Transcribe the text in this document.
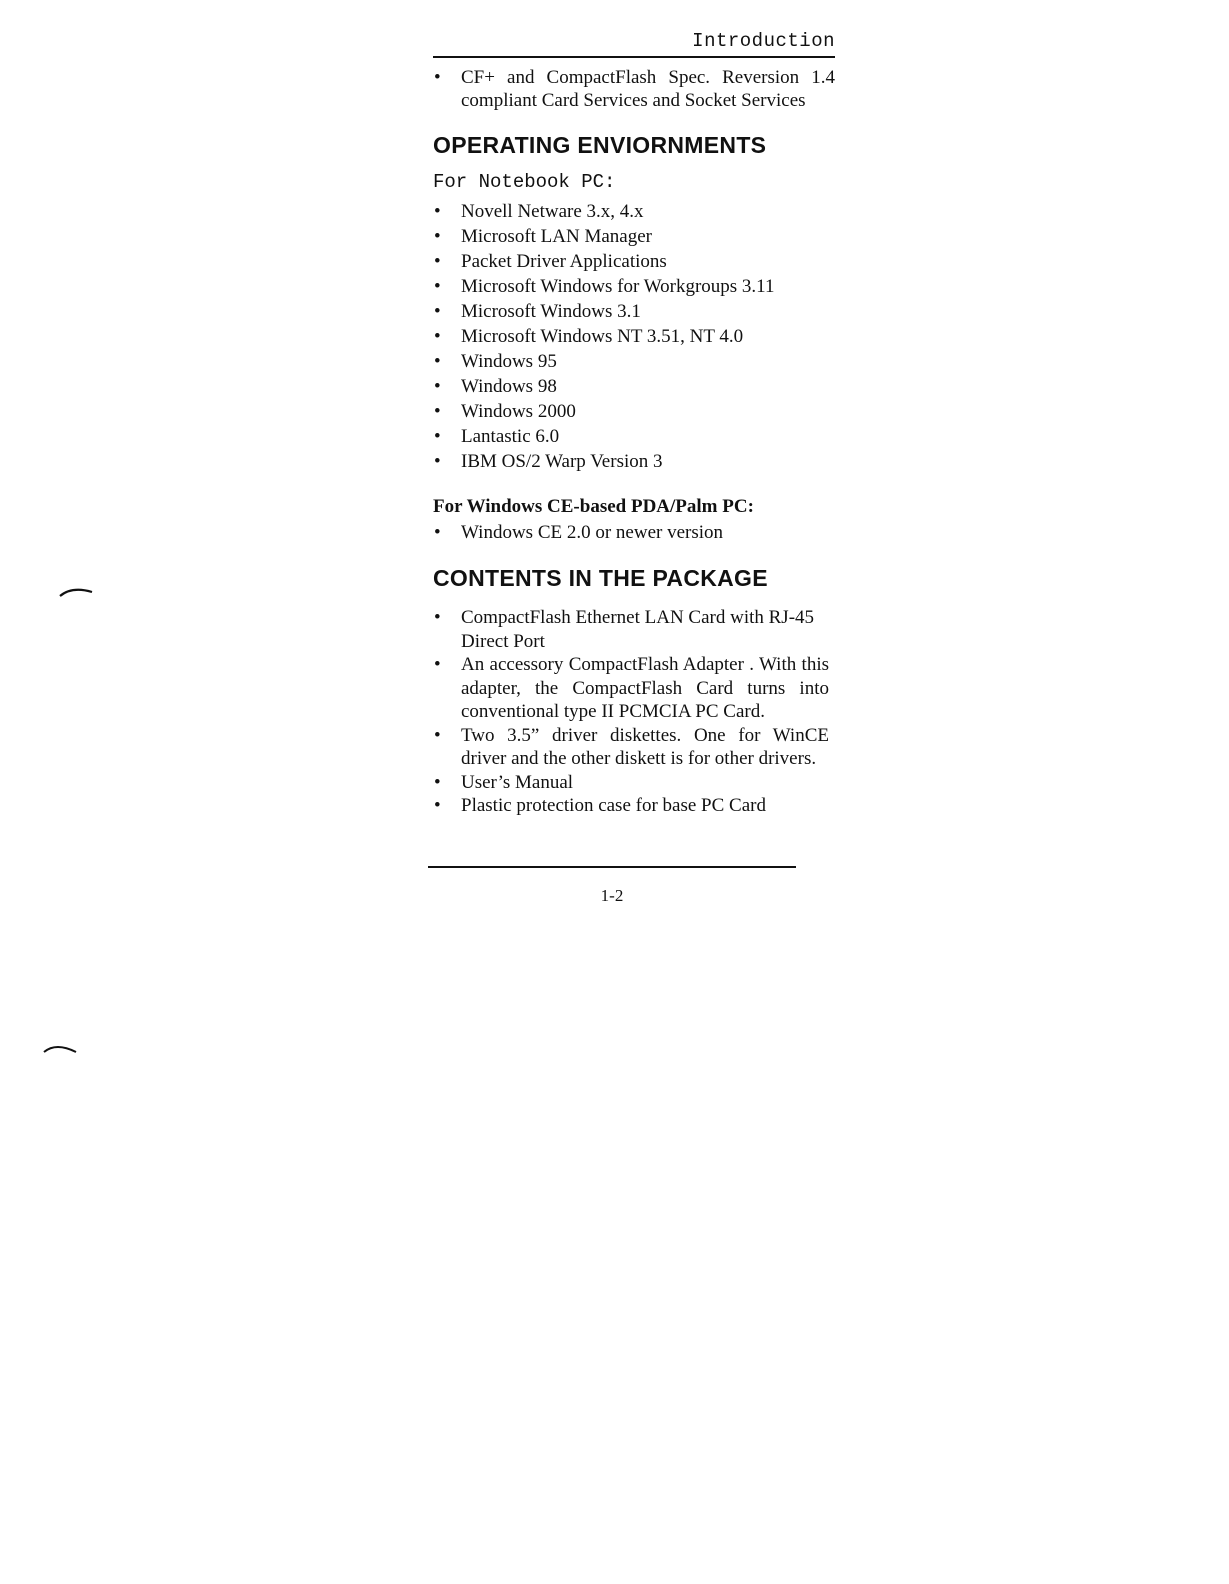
Introduction
• CF+ and CompactFlash Spec. Reversion 1.4 compliant Card Services and Socket Services
OPERATING ENVIORNMENTS
For Notebook PC:
• Novell Netware 3.x, 4.x
• Microsoft LAN Manager
• Packet Driver Applications
• Microsoft Windows for Workgroups 3.11
• Microsoft Windows 3.1
• Microsoft Windows NT 3.51, NT 4.0
• Windows 95
• Windows 98
• Windows 2000
• Lantastic 6.0
• IBM OS/2 Warp Version 3
For Windows CE-based PDA/Palm PC:
• Windows CE 2.0 or newer version
CONTENTS IN THE PACKAGE
• CompactFlash Ethernet LAN Card with RJ-45 Direct Port
• An accessory CompactFlash Adapter . With this adapter, the CompactFlash Card turns into conventional type II PCMCIA PC Card.
• Two 3.5” driver diskettes. One for WinCE driver and the other diskett is for other drivers.
• User’s Manual
• Plastic protection case for base PC Card
1-2
